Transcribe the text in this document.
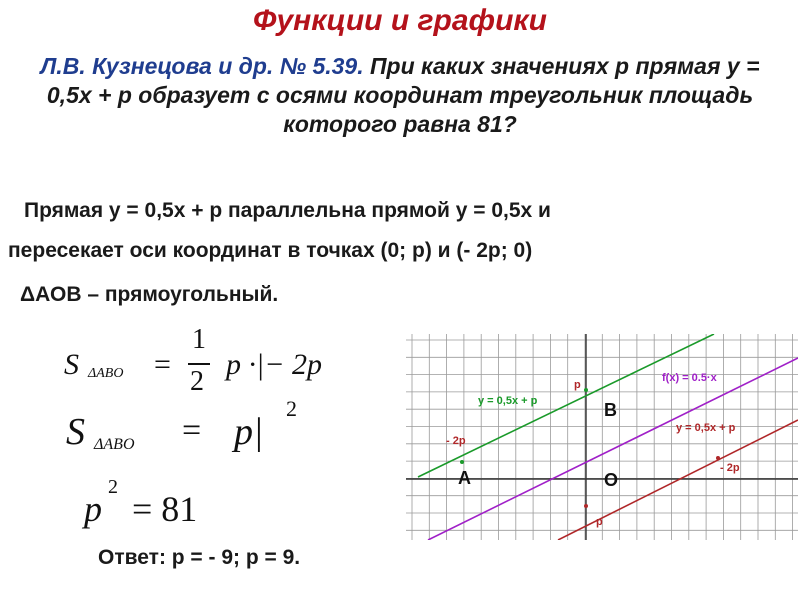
Функции и графики
Л.В. Кузнецова и др. № 5.39. При каких значениях р прямая у = 0,5х + р образует с осями координат треугольник площадь которого равна 81?
Прямая у = 0,5х + р параллельна прямой у = 0,5х и
пересекает оси координат в точках (0; р) и (- 2р; 0)
ΔАОВ – прямоугольный.
S ΔABO =
1
2
p ·|− 2p
S ΔABO = p|
2
p
2
= 81
у = 0,5х + р
у = 0,5х + р
f(x) = 0.5·x
р
р
- 2р
- 2р
A
B
O
Ответ: р = - 9; р = 9.
